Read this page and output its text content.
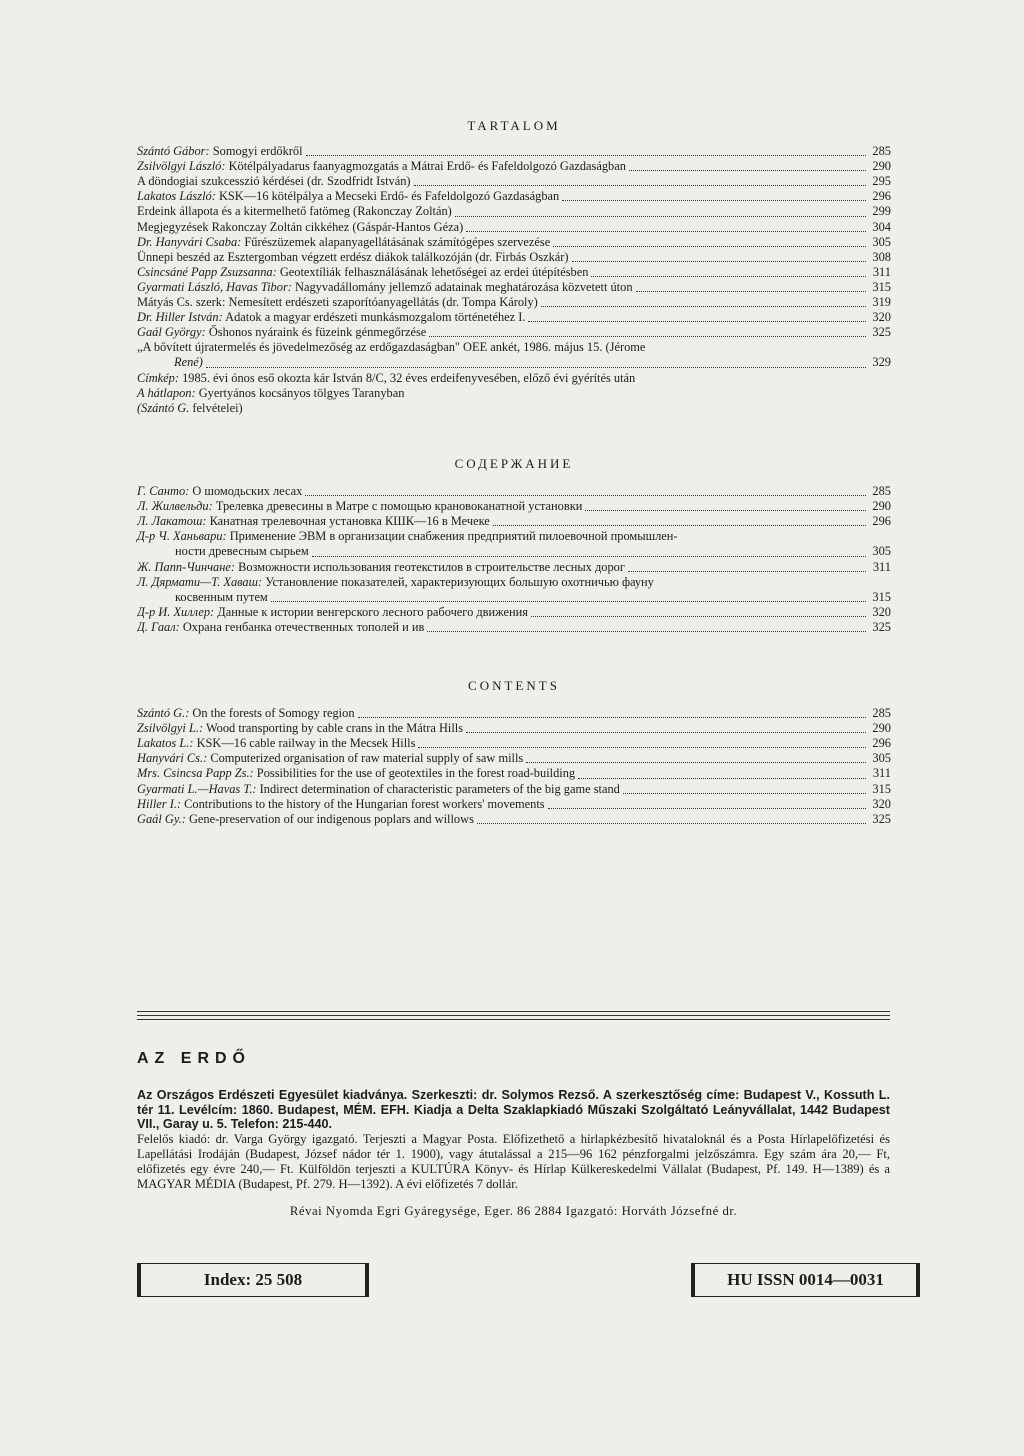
TARTALOM
Szántó Gábor: Somogyi erdőkről	285
Zsilvölgyi László: Kötélpályadarus faanyagmozgatás a Mátrai Erdő- és Fafeldolgozó Gazdaságban	290
A döndogiai szukcesszió kérdései (dr. Szodfridt István)	295
Lakatos László: KSK—16 kötélpálya a Mecseki Erdő- és Fafeldolgozó Gazdaságban	296
Erdeink állapota és a kitermelhető fatömeg (Rakonczay Zoltán)	299
Megjegyzések Rakonczay Zoltán cikkéhez (Gáspár-Hantos Géza)	304
Dr. Hanyvári Csaba: Fűrészüzemek alapanyagellátásának számítógépes szervezése	305
Ünnepi beszéd az Esztergomban végzett erdész diákok találkozóján (dr. Firbás Oszkár)	308
Csincsáné Papp Zsuzsanna: Geotextíliák felhasználásának lehetőségei az erdei útépítésben	311
Gyarmati László, Havas Tibor: Nagyvadállomány jellemző adatainak meghatározása közvetett úton	315
Mátyás Cs. szerk: Nemesített erdészeti szaporítóanyagellátás (dr. Tompa Károly)	319
Dr. Hiller István: Adatok a magyar erdészeti munkásmozgalom történetéhez I.	320
Gaál György: Őshonos nyáraink és füzeink génmegőrzése	325
„A bővített újratermelés és jövedelmezőség az erdőgazdaságban" OEE ankét, 1986. május 15. (Jérome
René)	329
Címkép: 1985. évi ónos eső okozta kár István 8/C, 32 éves erdeifenyvesében, előző évi gyérítés után
A hátlapon: Gyertyános kocsányos tölgyes Taranyban
(Szántó G. felvételei)
СОДЕРЖАНИЕ
Г. Санто: О шомодьских лесах	285
Л. Жилвельди: Трелевка древесины в Матре с помощью крановоканатной установки	290
Л. Лакатош: Канатная трелевочная установка КШК—16 в Мечеке	296
Д-р Ч. Ханьвари: Применение ЭВМ в организации снабжения предприятий пилоевочной промышлен-
ности древесным сырьем	305
Ж. Папп-Чинчане: Возможности использования геотекстилов в строительстве лесных дорог	311
Л. Дярмати—Т. Хаваш: Установление показателей, характеризующих большую охотничью фауну
косвенным путем	315
Д-р И. Хиллер: Данные к истории венгерского лесного рабочего движения	320
Д. Гаал: Охрана генбанка отечественных тополей и ив	325
CONTENTS
Szántó G.: On the forests of Somogy region	285
Zsilvölgyi L.: Wood transporting by cable crans in the Mátra Hills	290
Lakatos L.: KSK—16 cable railway in the Mecsek Hills	296
Hanyvári Cs.: Computerized organisation of raw material supply of saw mills	305
Mrs. Csincsa Papp Zs.: Possibilities for the use of geotextiles in the forest road-building	311
Gyarmati L.—Havas T.: Indirect determination of characteristic parameters of the big game stand	315
Hiller I.: Contributions to the history of the Hungarian forest workers' movements	320
Gaál Gy.: Gene-preservation of our indigenous poplars and willows	325

AZ ERDŐ

Az Országos Erdészeti Egyesület kiadványa. Szerkeszti: dr. Solymos Rezső. A szerkesztőség címe: Budapest V., Kossuth L. tér 11. Levélcím: 1860. Budapest, MÉM. EFH. Kiadja a Delta Szaklapkiadó Műszaki Szolgáltató Leányvállalat, 1442 Budapest VII., Garay u. 5. Telefon: 215-440.

Felelős kiadó: dr. Varga György igazgató. Terjeszti a Magyar Posta. Előfizethető a hírlapkézbesítő hivataloknál és a Posta Hírlapelőfizetési és Lapellátási Irodáján (Budapest, József nádor tér 1. 1900), vagy átutalással a 215—96 162 pénzforgalmi jelzőszámra. Egy szám ára 20,— Ft, előfizetés egy évre 240,— Ft. Külföldön terjeszti a KULTÚRA Könyv- és Hírlap Külkereskedelmi Vállalat (Budapest, Pf. 149. H—1389) és a MAGYAR MÉDIA (Budapest, Pf. 279. H—1392). A évi előfizetés 7 dollár.

Révai Nyomda Egri Gyáregysége, Eger. 86 2884 Igazgató: Horváth Józsefné dr.
Index: 25 508	HU ISSN 0014—0031
